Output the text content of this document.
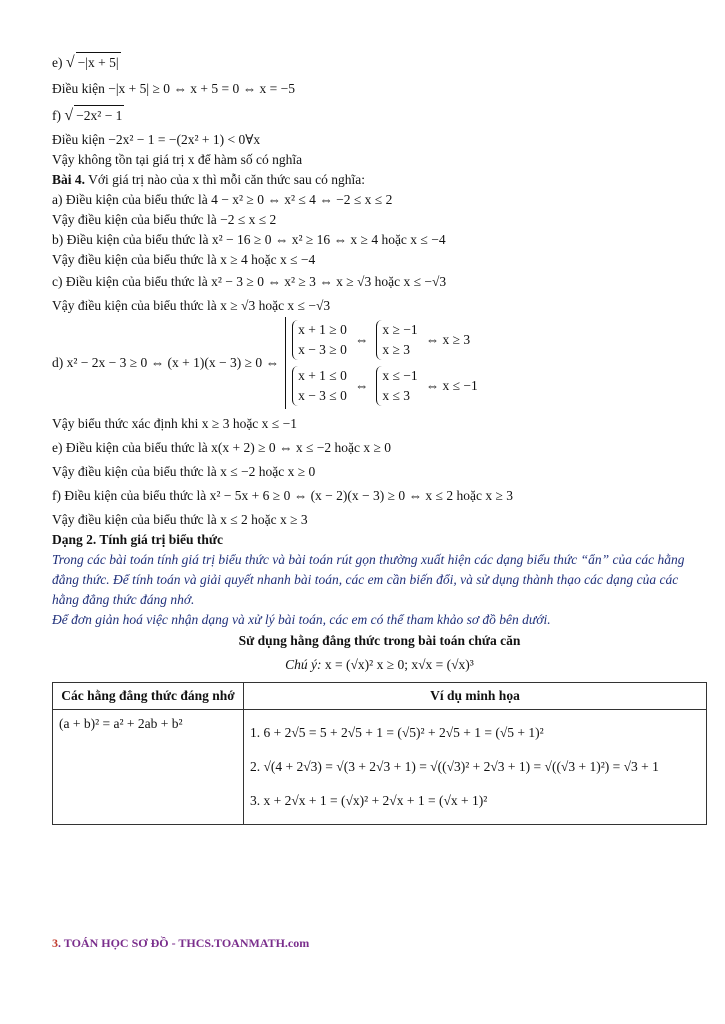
e) √ −|x + 5|
Điều kiện −|x + 5| ≥ 0 ⇔ x + 5 = 0 ⇔ x = −5
f) √ −2x² − 1
Điều kiện −2x² − 1 = −(2x² + 1) < 0∀x
Vậy không tồn tại giá trị x để hàm số có nghĩa
Bài 4. Với giá trị nào của x thì mỗi căn thức sau có nghĩa:
a) Điều kiện của biểu thức là 4 − x² ≥ 0 ⇔ x² ≤ 4 ⇔ −2 ≤ x ≤ 2
Vậy điều kiện của biểu thức là −2 ≤ x ≤ 2
b) Điều kiện của biểu thức là x² − 16 ≥ 0 ⇔ x² ≥ 16 ⇔ x ≥ 4 hoặc x ≤ −4
Vậy điều kiện của biểu thức là x ≥ 4 hoặc x ≤ −4
c) Điều kiện của biểu thức là x² − 3 ≥ 0 ⇔ x² ≥ 3 ⇔ x ≥ √3 hoặc x ≤ −√3
Vậy điều kiện của biểu thức là x ≥ √3 hoặc x ≤ −√3
d) x² − 2x − 3 ≥ 0 ⇔ (x + 1)(x − 3) ≥ 0 ⇔
x + 1 ≥ 0
x − 3 ≥ 0
⇔
x ≥ −1
x ≥ 3
⇔ x ≥ 3
x + 1 ≤ 0
x − 3 ≤ 0
⇔
x ≤ −1
x ≤ 3
⇔ x ≤ −1
Vậy biểu thức xác định khi x ≥ 3 hoặc x ≤ −1
e) Điều kiện của biểu thức là x(x + 2) ≥ 0 ⇔ x ≤ −2 hoặc x ≥ 0
Vậy điều kiện của biểu thức là x ≤ −2 hoặc x ≥ 0
f) Điều kiện của biểu thức là x² − 5x + 6 ≥ 0 ⇔ (x − 2)(x − 3) ≥ 0 ⇔ x ≤ 2 hoặc x ≥ 3
Vậy điều kiện của biểu thức là x ≤ 2 hoặc x ≥ 3
Dạng 2. Tính giá trị biểu thức
Trong các bài toán tính giá trị biểu thức và bài toán rút gọn thường xuất hiện các dạng biểu thức “ẩn” của các hằng đẳng thức. Để tính toán và giải quyết nhanh bài toán, các em cần biến đổi, và sử dụng thành thạo các dạng của các hằng đẳng thức đáng nhớ.
Để đơn giản hoá việc nhận dạng và xử lý bài toán, các em có thể tham khảo sơ đồ bên dưới.
Sử dụng hằng đẳng thức trong bài toán chứa căn
Chú ý: x = (√x)² x ≥ 0; x√x = (√x)³
Các hằng đẳng thức đáng nhớ	Ví dụ minh họa
(a + b)² = a² + 2ab + b²	1. 6 + 2√5 = 5 + 2√5 + 1 = (√5)² + 2√5 + 1 = (√5 + 1)²
2. √(4 + 2√3) = √(3 + 2√3 + 1) = √((√3)² + 2√3 + 1) = √((√3 + 1)²) = √3 + 1
3. x + 2√x + 1 = (√x)² + 2√x + 1 = (√x + 1)²
3. TOÁN HỌC SƠ ĐỒ - THCS.TOANMATH.com
